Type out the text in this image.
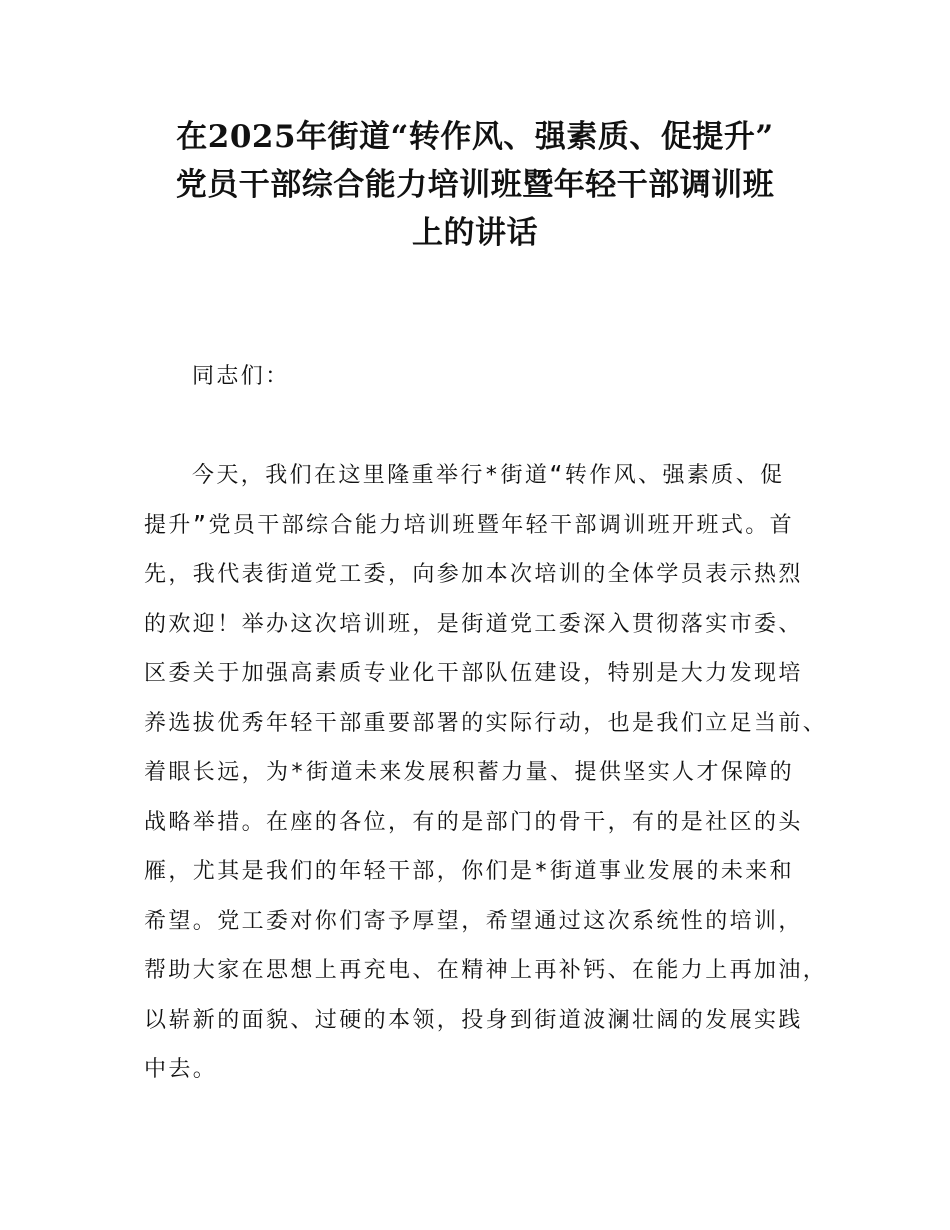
在2025年街道“转作风、强素质、促提升”
党员干部综合能力培训班暨年轻干部调训班
上的讲话
同志们：
今天，我们在这里隆重举行*街道“转作风、强素质、促
提升”党员干部综合能力培训班暨年轻干部调训班开班式。首
先，我代表街道党工委，向参加本次培训的全体学员表示热烈
的欢迎！举办这次培训班，是街道党工委深入贯彻落实市委、
区委关于加强高素质专业化干部队伍建设，特别是大力发现培
养选拔优秀年轻干部重要部署的实际行动，也是我们立足当前、
着眼长远，为*街道未来发展积蓄力量、提供坚实人才保障的
战略举措。在座的各位，有的是部门的骨干，有的是社区的头
雁，尤其是我们的年轻干部，你们是*街道事业发展的未来和
希望。党工委对你们寄予厚望，希望通过这次系统性的培训，
帮助大家在思想上再充电、在精神上再补钙、在能力上再加油，
以崭新的面貌、过硬的本领，投身到街道波澜壮阔的发展实践
中去。
